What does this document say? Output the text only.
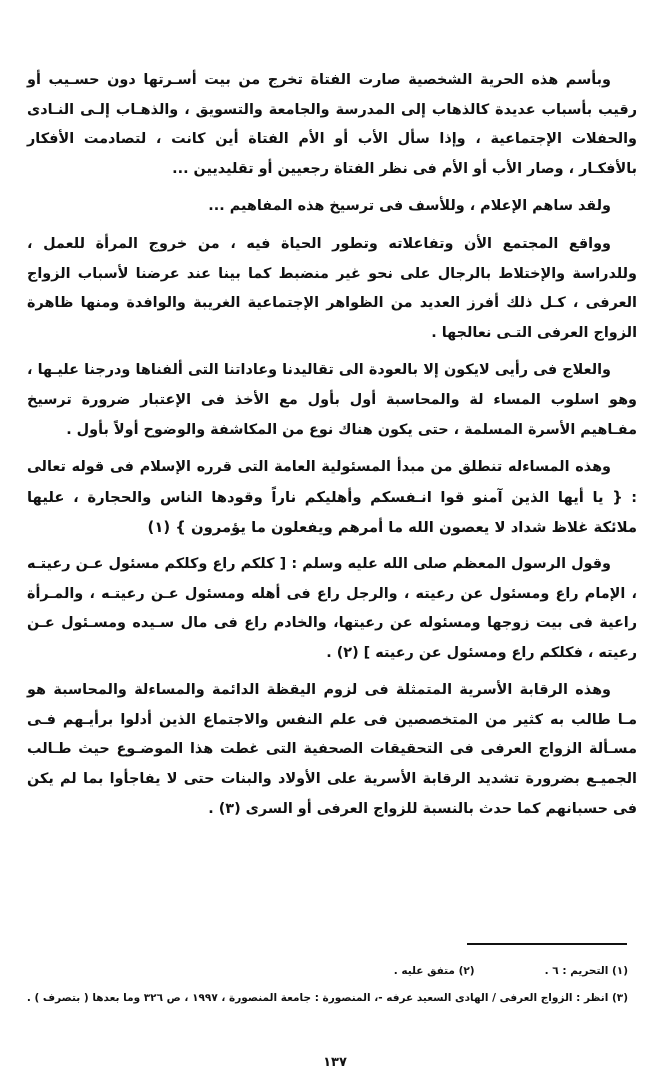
وبأسم هذه الحرية الشخصية صارت الفتاة تخرج من بيت أسـرتها دون حسـيب أو رقيب بأسباب عديدة كالذهاب إلى المدرسة والجامعة والتسويق ، والذهـاب إلـى النـادى والحفلات الإجتماعية ، وإذا سأل الأب أو الأم الفتاة أين كانت ، لتصادمت الأفكار بالأفكـار ، وصار الأب أو الأم فى نظر الفتاة رجعيين أو تقليديين ...

ولقد ساهم الإعلام ، وللأسف فى ترسيخ هذه المفاهيم ...

وواقع المجتمع الأن وتفاعلاته وتطور الحياة فيه ، من خروج المرأة للعمل ، وللدراسة والإختلاط بالرجال على نحو غير منضبط كما بينا عند عرضنا لأسباب الزواج العرفى ، كـل ذلك أفرز العديد من الظواهر الإجتماعية الغريبة والوافدة ومنها ظاهرة الزواج العرفى التـى نعالجها .

والعلاج فى رأيى لايكون إلا بالعودة الى تقاليدنا وعاداتنا التى ألفناها ودرجنا عليـها ، وهو اسلوب المساء لة والمحاسبة أول بأول مع الأخذ فى الإعتبار ضرورة ترسيخ مفـاهيم الأسرة المسلمة ، حتى يكون هناك نوع من المكاشفة والوضوح أولاً بأول .

وهذه المساءله تنطلق من مبدأ المسئولية العامة التى قرره الإسلام فى قوله تعالى : { يا أيها الذين آمنو قوا انـفسكم وأهليكم ناراً وقودها الناس والحجارة ، عليها ملائكة غلاظ شداد لا يعصون الله ما أمرهم ويفعلون ما يؤمرون } (١)

وقول الرسول المعظم صلى الله عليه وسلم : [ كلكم راع وكلكم مسئول عـن رعيتـه ، الإمام راع ومسئول عن رعيته ، والرجل راع فى أهله ومسئول عـن رعيتـه ، والمـرأة راعية فى بيت زوجها ومسئوله عن رعيتها، والخادم راع فى مال سـيده ومسـئول عـن رعيته ، فكلكم راع ومسئول عن رعيته ] (٢) .

وهذه الرقابة الأسرية المتمثلة فى لزوم اليقظة الدائمة والمساءلة والمحاسبة هو مـا طالب به كثير من المتخصصين فى علم النفس والاجتماع الذين أدلوا برأيـهم فـى مسـألة الزواج العرفى فى التحقيقات الصحفية التى غطت هذا الموضـوع حيث طـالب الجميـع بضرورة تشديد الرقابة الأسرية على الأولاد والبنات حتى لا يفاجأوا بما لم يكن فى حسبانهم كما حدث بالنسبة للزواج العرفى أو السرى (٣) .

(١) التحريم : ٦ .
(٢) متفق عليه .
(٣) انظر : الزواج العرفى / الهادى السعيد عرفه -، المنصورة : جامعة المنصورة ، ١٩٩٧ ، ص ٣٢٦ وما بعدها ( بتصرف ) .
١٣٧
